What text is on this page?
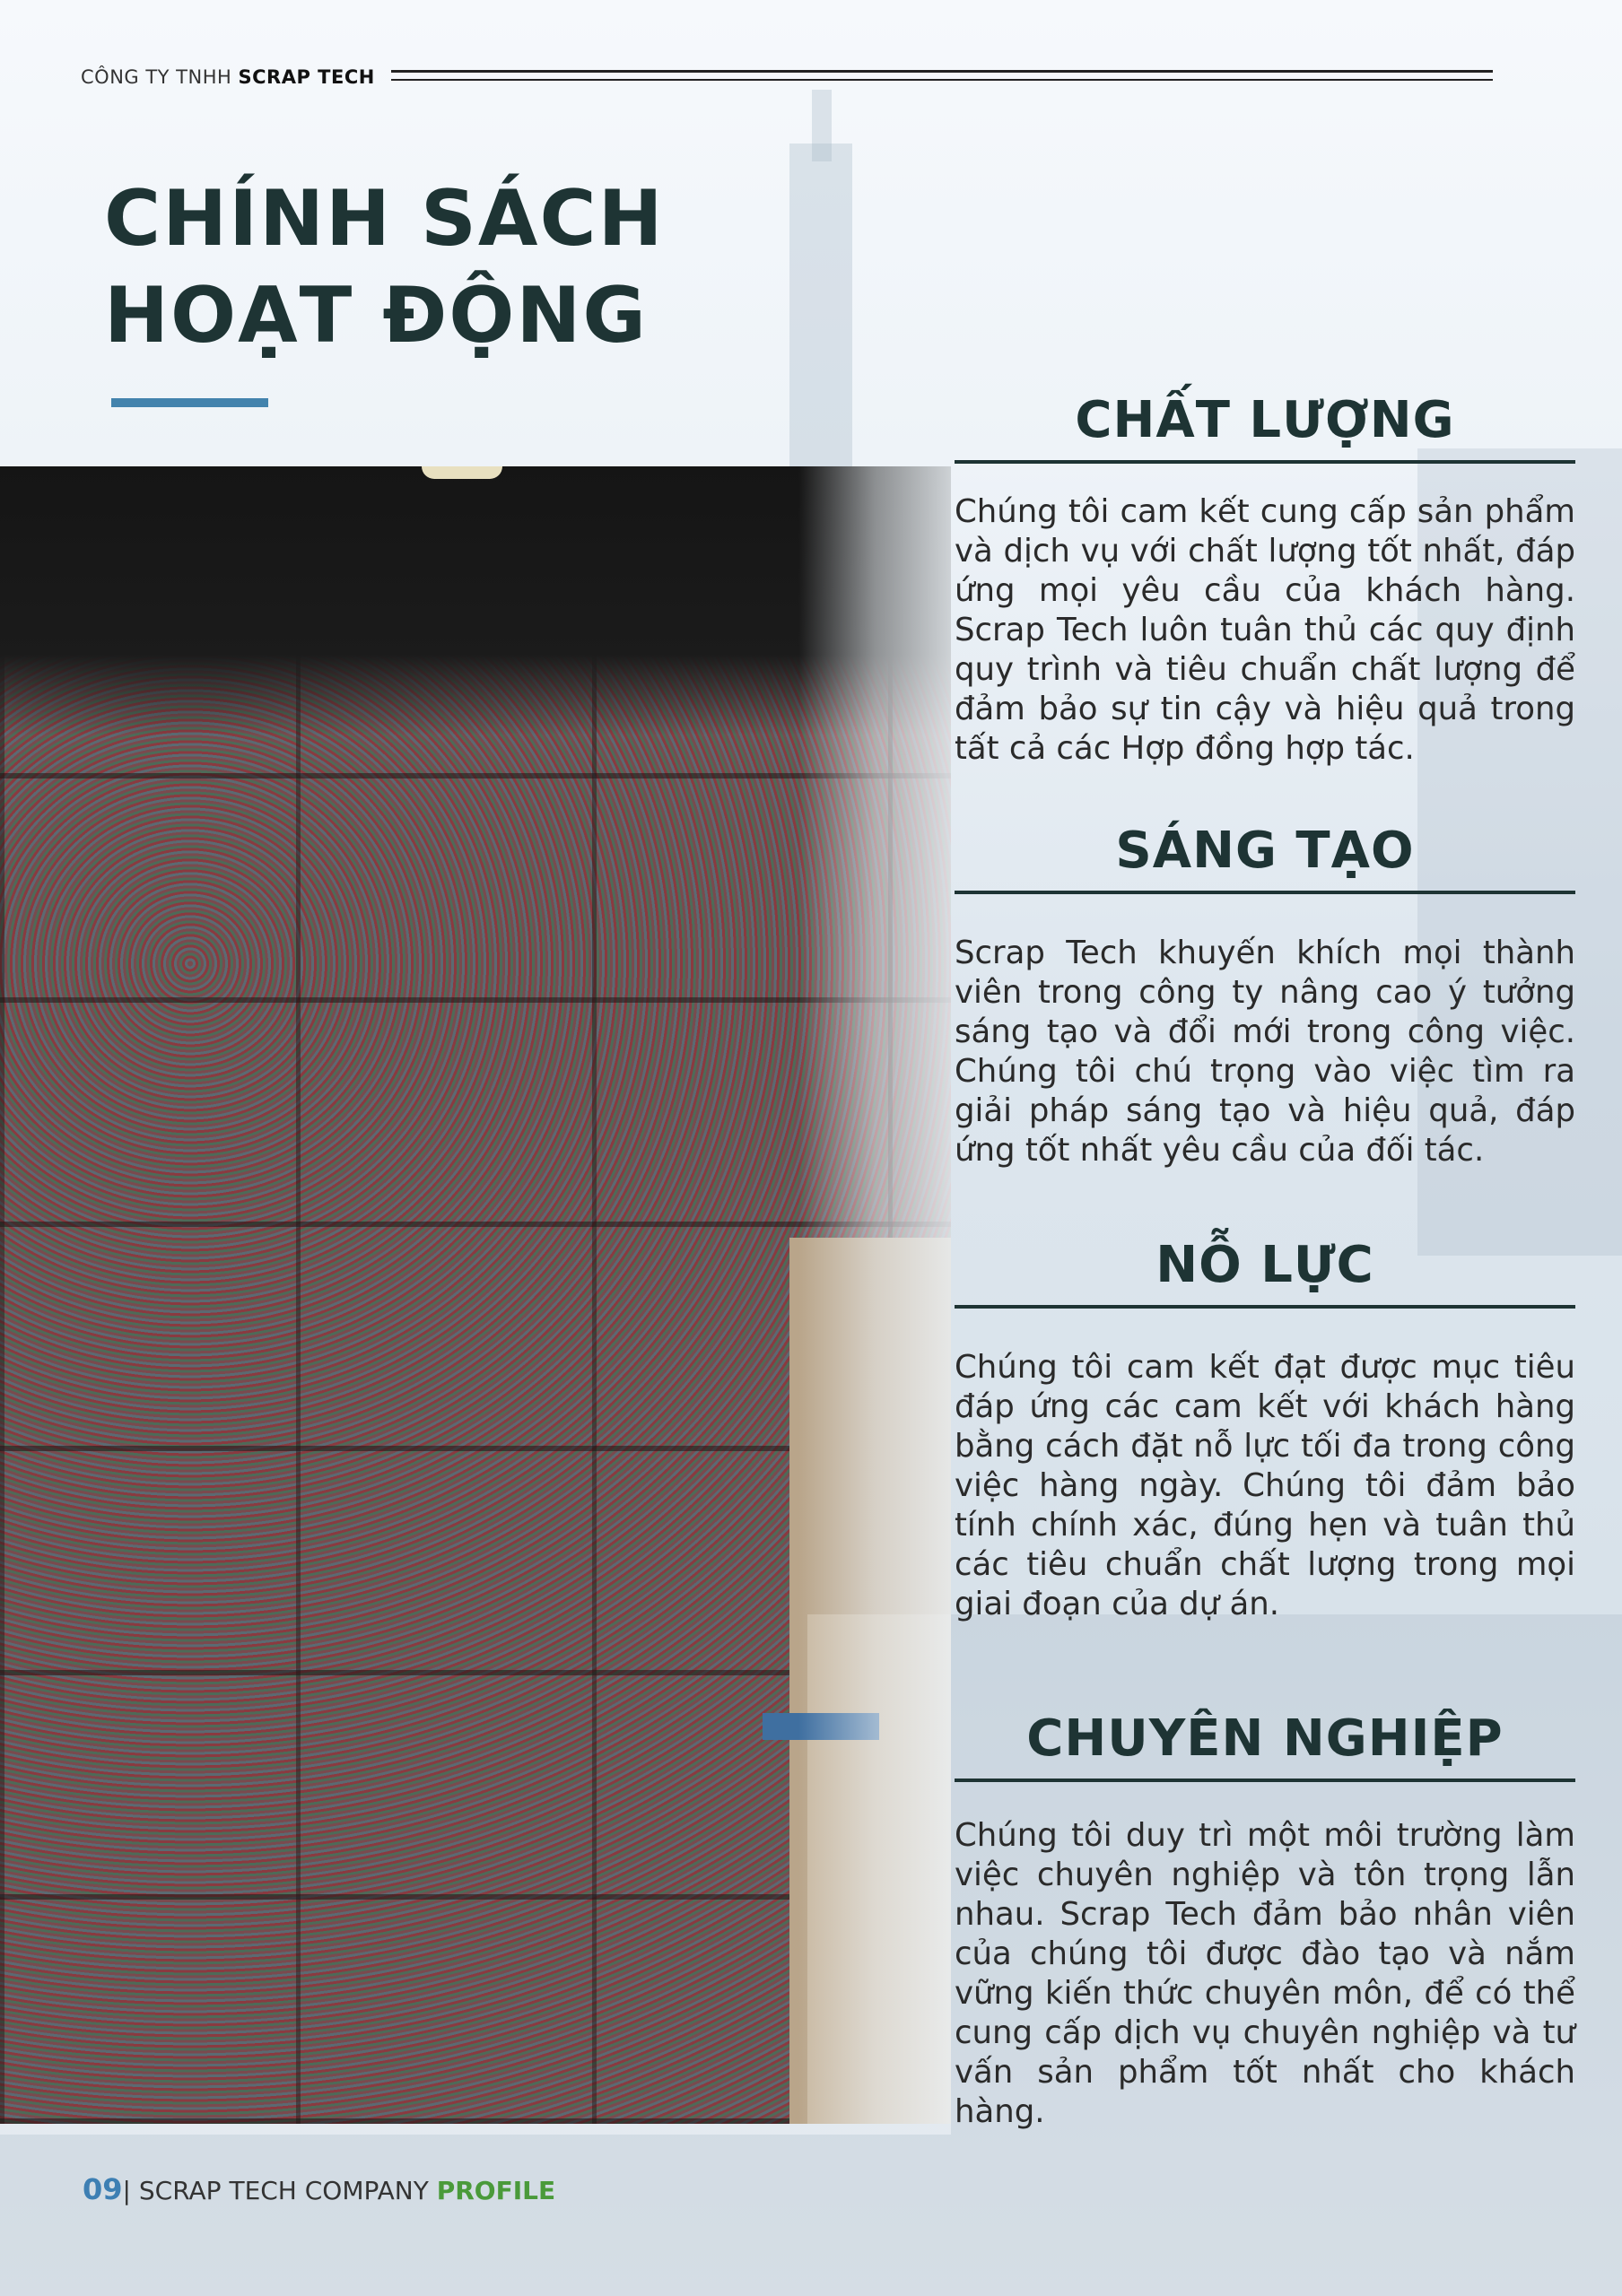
CÔNG TY TNHH SCRAP TECH
CHÍNH SÁCH
HOẠT ĐỘNG
CHẤT LƯỢNG

Chúng tôi cam kết cung cấp sản phẩm và dịch vụ với chất lượng tốt nhất, đáp ứng mọi yêu cầu của khách hàng. Scrap Tech luôn tuân thủ các quy định quy trình và tiêu chuẩn chất lượng để đảm bảo sự tin cậy và hiệu quả trong tất cả các Hợp đồng hợp tác.

SÁNG TẠO

Scrap Tech khuyến khích mọi thành viên trong công ty nâng cao ý tưởng sáng tạo và đổi mới trong công việc. Chúng tôi chú trọng vào việc tìm ra giải pháp sáng tạo và hiệu quả, đáp ứng tốt nhất yêu cầu của đối tác.

NỖ LỰC

Chúng tôi cam kết đạt được mục tiêu đáp ứng các cam kết với khách hàng bằng cách đặt nỗ lực tối đa trong công việc hàng ngày. Chúng tôi đảm bảo tính chính xác, đúng hẹn và tuân thủ các tiêu chuẩn chất lượng trong mọi giai đoạn của dự án.

CHUYÊN NGHIỆP

Chúng tôi duy trì một môi trường làm việc chuyên nghiệp và tôn trọng lẫn nhau. Scrap Tech đảm bảo nhân viên của chúng tôi được đào tạo và nắm vững kiến thức chuyên môn, để có thể cung cấp dịch vụ chuyên nghiệp và tư vấn sản phẩm tốt nhất cho khách hàng.

09| SCRAP TECH COMPANY PROFILE
